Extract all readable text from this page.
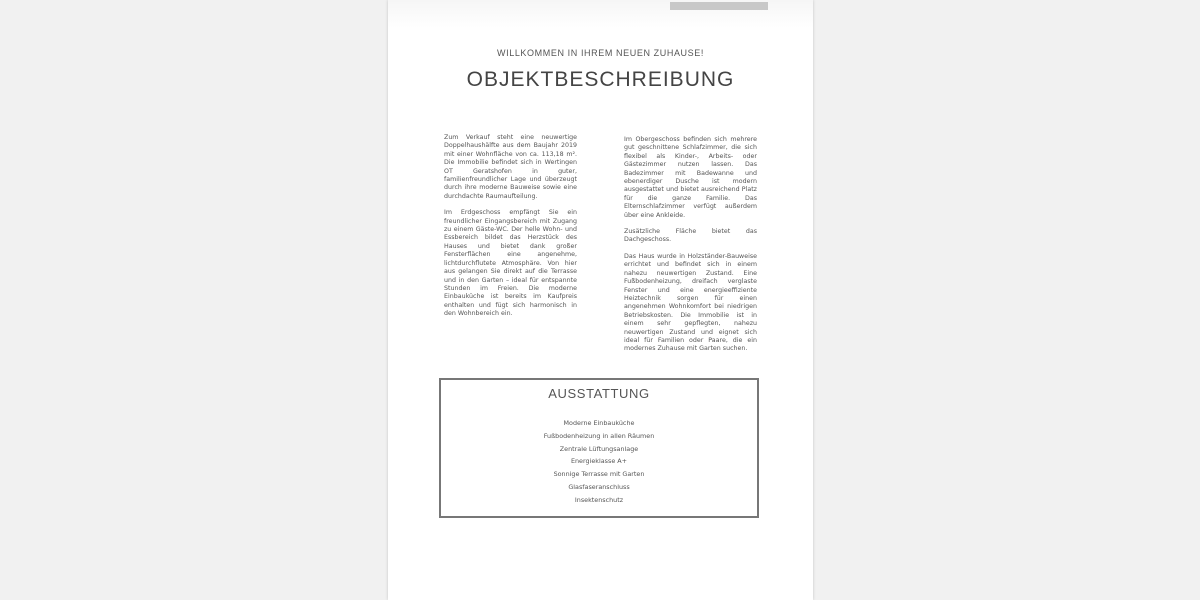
WILLKOMMEN IN IHREM NEUEN ZUHAUSE!
OBJEKTBESCHREIBUNG

Zum Verkauf steht eine neuwertige Doppelhaushälfte aus dem Baujahr 2019 mit einer Wohnfläche von ca. 113,18 m². Die Immobilie befindet sich in Wertingen OT Geratshofen in guter, familienfreundlicher Lage und überzeugt durch ihre moderne Bauweise sowie eine durchdachte Raumaufteilung.

Im Erdgeschoss empfängt Sie ein freundlicher Eingangsbereich mit Zugang zu einem Gäste-WC. Der helle Wohn- und Essbereich bildet das Herzstück des Hauses und bietet dank großer Fensterflächen eine angenehme, lichtdurchflutete Atmosphäre. Von hier aus gelangen Sie direkt auf die Terrasse und in den Garten – ideal für entspannte Stunden im Freien. Die moderne Einbauküche ist bereits im Kaufpreis enthalten und fügt sich harmonisch in den Wohnbereich ein.

Im Obergeschoss befinden sich mehrere gut geschnittene Schlafzimmer, die sich flexibel als Kinder-, Arbeits- oder Gästezimmer nutzen lassen. Das Badezimmer mit Badewanne und ebenerdiger Dusche ist modern ausgestattet und bietet ausreichend Platz für die ganze Familie. Das Elternschlafzimmer verfügt außerdem über eine Ankleide.

Zusätzliche Fläche bietet das Dachgeschoss.

Das Haus wurde in Holzständer-Bauweise errichtet und befindet sich in einem nahezu neuwertigen Zustand. Eine Fußbodenheizung, dreifach verglaste Fenster und eine energieeffiziente Heiztechnik sorgen für einen angenehmen Wohnkomfort bei niedrigen Betriebskosten. Die Immobilie ist in einem sehr gepflegten, nahezu neuwertigen Zustand und eignet sich ideal für Familien oder Paare, die ein modernes Zuhause mit Garten suchen.

AUSSTATTUNG
Moderne Einbauküche
Fußbodenheizung in allen Räumen
Zentrale Lüftungsanlage
Energieklasse A+
Sonnige Terrasse mit Garten
Glasfaseranschluss
Insektenschutz
